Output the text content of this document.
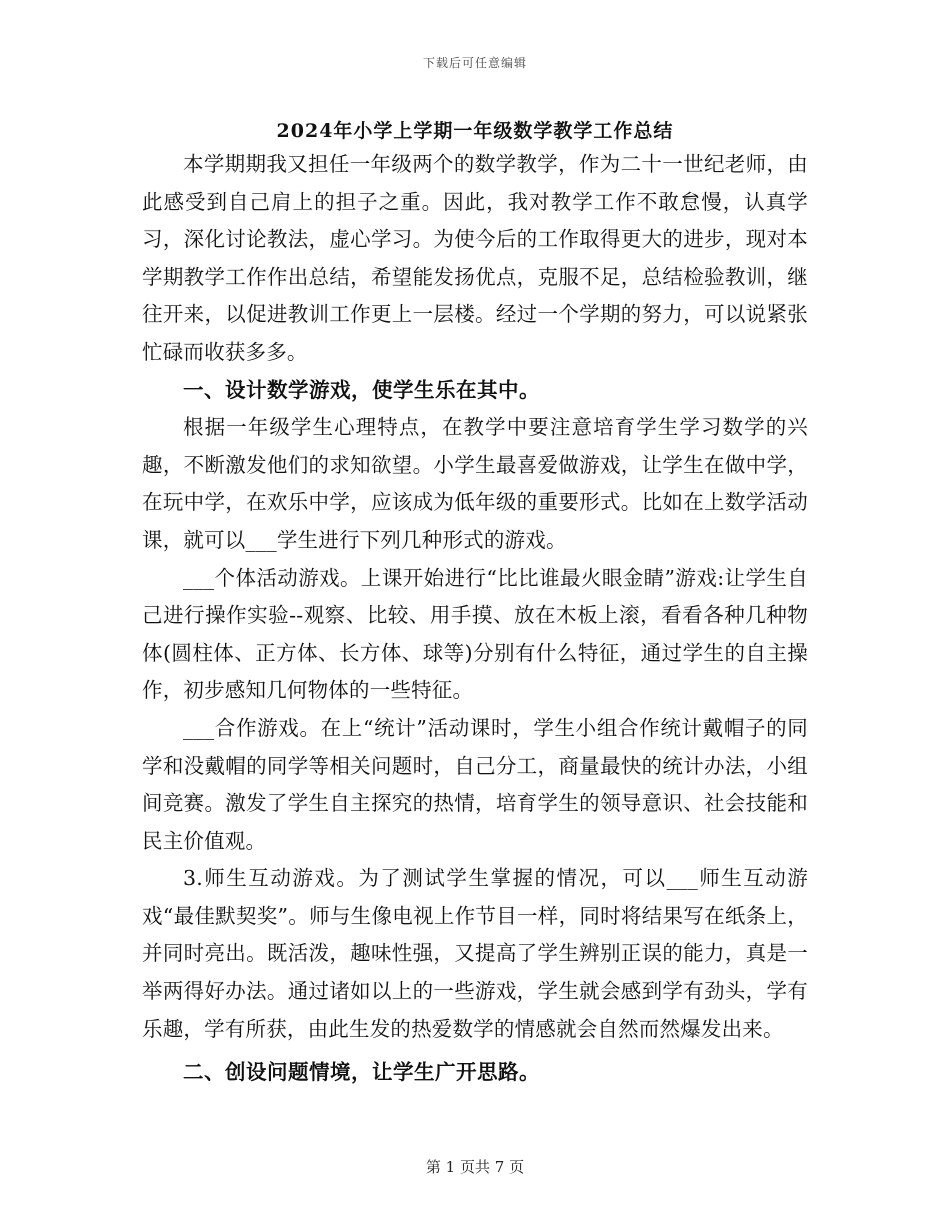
下载后可任意编辑
2024年小学上学期一年级数学教学工作总结

本学期期我又担任一年级两个的数学教学，作为二十一世纪老师，由此感受到自己肩上的担子之重。因此，我对教学工作不敢怠慢，认真学习，深化讨论教法，虚心学习。为使今后的工作取得更大的进步，现对本学期教学工作作出总结，希望能发扬优点，克服不足，总结检验教训，继往开来，以促进教训工作更上一层楼。经过一个学期的努力，可以说紧张忙碌而收获多多。

一、设计数学游戏，使学生乐在其中。

根据一年级学生心理特点，在教学中要注意培育学生学习数学的兴趣，不断激发他们的求知欲望。小学生最喜爱做游戏，让学生在做中学，在玩中学，在欢乐中学，应该成为低年级的重要形式。比如在上数学活动课，就可以___学生进行下列几种形式的游戏。

___个体活动游戏。上课开始进行“比比谁最火眼金睛”游戏:让学生自己进行操作实验--观察、比较、用手摸、放在木板上滚，看看各种几种物体(圆柱体、正方体、长方体、球等)分别有什么特征，通过学生的自主操作，初步感知几何物体的一些特征。

___合作游戏。在上“统计”活动课时，学生小组合作统计戴帽子的同学和没戴帽的同学等相关问题时，自己分工，商量最快的统计办法，小组间竞赛。激发了学生自主探究的热情，培育学生的领导意识、社会技能和民主价值观。

3.师生互动游戏。为了测试学生掌握的情况，可以___师生互动游戏“最佳默契奖”。师与生像电视上作节目一样，同时将结果写在纸条上，并同时亮出。既活泼，趣味性强，又提高了学生辨别正误的能力，真是一举两得好办法。通过诸如以上的一些游戏，学生就会感到学有劲头，学有乐趣，学有所获，由此生发的热爱数学的情感就会自然而然爆发出来。

二、创设问题情境，让学生广开思路。

第 1 页共 7 页
